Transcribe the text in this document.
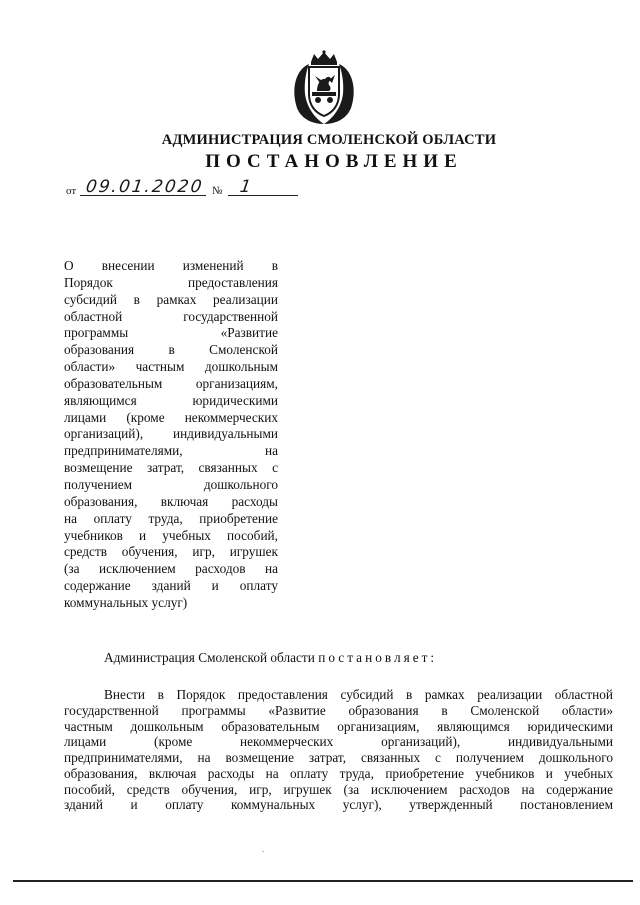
АДМИНИСТРАЦИЯ СМОЛЕНСКОЙ ОБЛАСТИ
ПОСТАНОВЛЕНИЕ
от 09.01.2020 № 1
О внесении изменений в
Порядок предоставления
субсидий в рамках реализации
областной государственной
программы «Развитие
образования в Смоленской
области» частным дошкольным
образовательным организациям,
являющимся юридическими
лицами (кроме некоммерческих
организаций), индивидуальными
предпринимателями, на
возмещение затрат, связанных с
получением дошкольного
образования, включая расходы
на оплату труда, приобретение
учебников и учебных пособий,
средств обучения, игр, игрушек
(за исключением расходов на
содержание зданий и оплату
коммунальных услуг)
Администрация Смоленской области постановляет:
Внести в Порядок предоставления субсидий в рамках реализации областной
государственной программы «Развитие образования в Смоленской области»
частным дошкольным образовательным организациям, являющимся юридическими
лицами (кроме некоммерческих организаций), индивидуальными
предпринимателями, на возмещение затрат, связанных с получением дошкольного
образования, включая расходы на оплату труда, приобретение учебников и учебных
пособий, средств обучения, игр, игрушек (за исключением расходов на содержание
зданий и оплату коммунальных услуг), утвержденный постановлением
